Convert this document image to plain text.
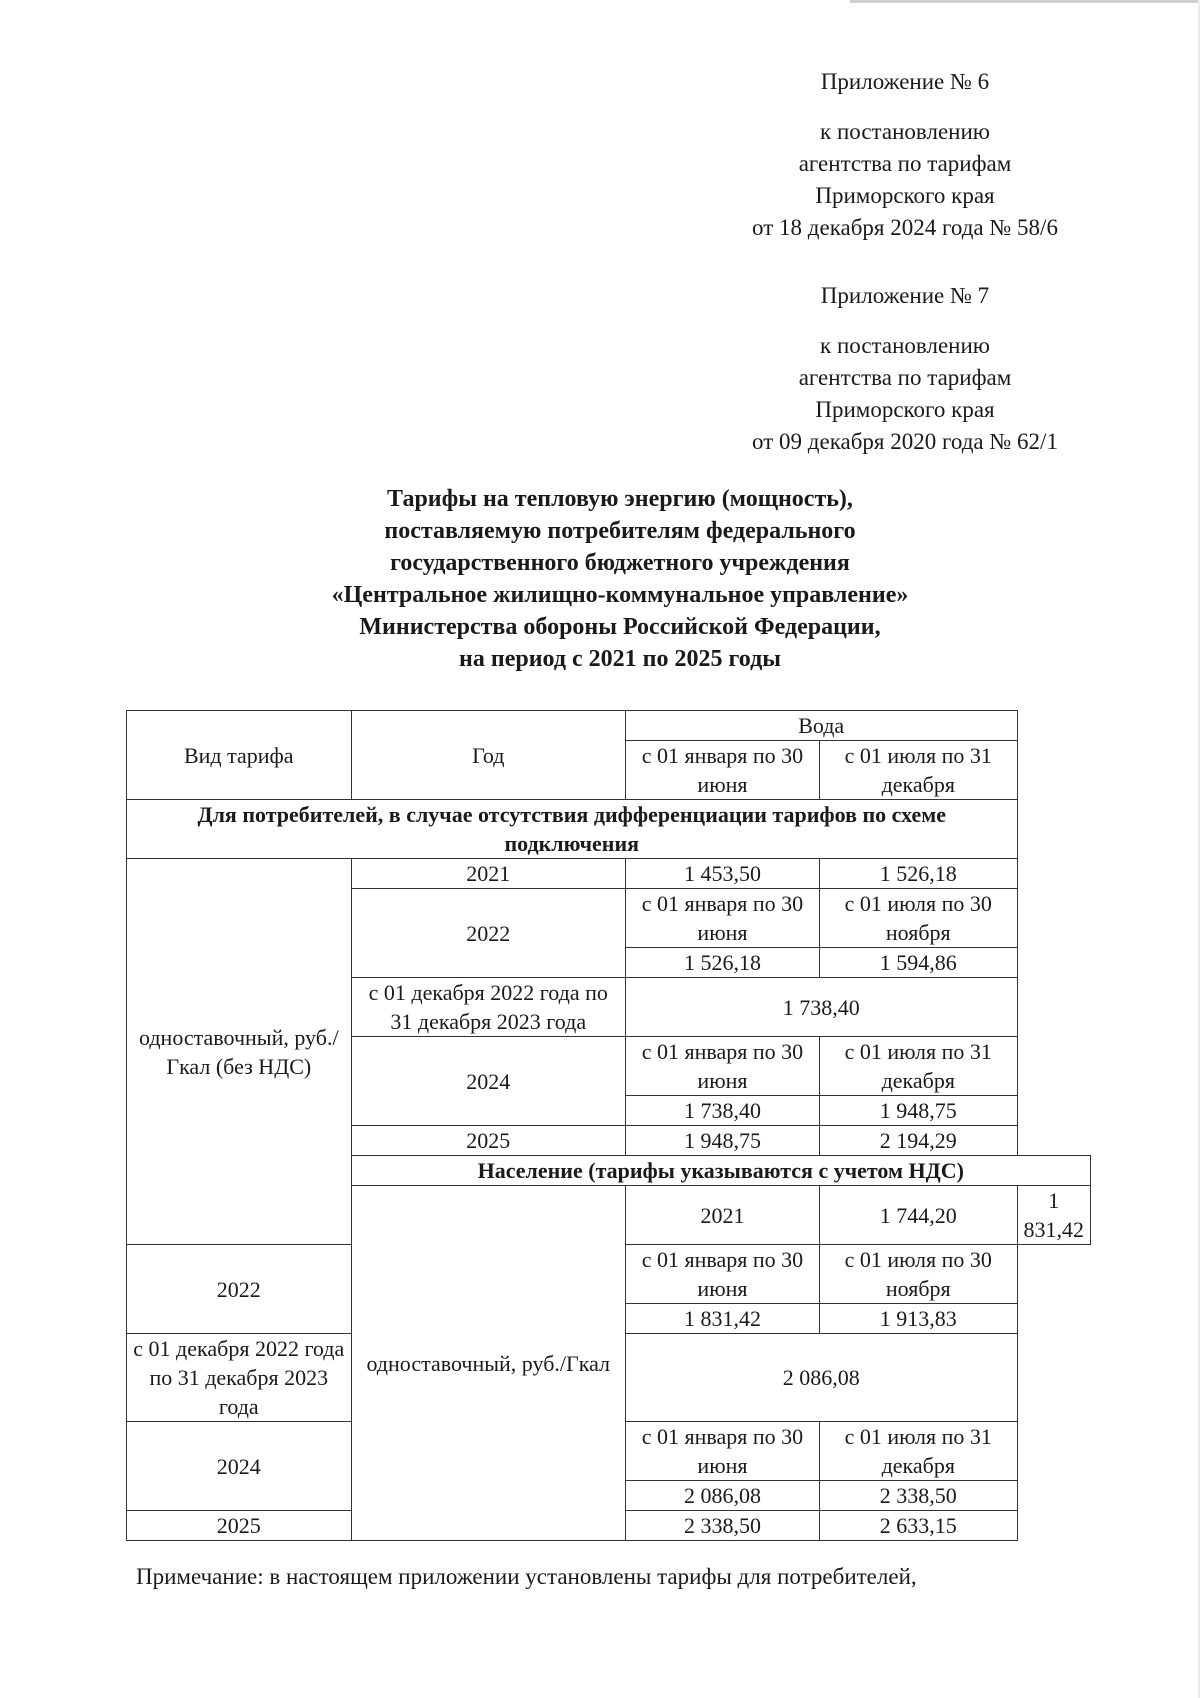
Приложение № 6
к постановлению
агентства по тарифам
Приморского края
от 18 декабря 2024 года № 58/6
Приложение № 7
к постановлению
агентства по тарифам
Приморского края
от 09 декабря 2020 года № 62/1
Тарифы на тепловую энергию (мощность),
поставляемую потребителям федерального
государственного бюджетного учреждения
«Центральное жилищно-коммунальное управление»
Министерства обороны Российской Федерации,
на период с 2021 по 2025 годы
Вид тарифа	Год	Вода		
		с 01 января по 30 июня	с 01 июля по 31 декабря	
Для потребителей, в случае отсутствия дифференциации тарифов по схеме подключения				
одноставочный, руб./Гкал (без НДС)	2021	1 453,50	1 526,18	
	2022	с 01 января по 30 июня	с 01 июля по 30 ноября	
		1 526,18	1 594,86	
	с 01 декабря 2022 года по 31 декабря 2023 года	1 738,40		
	2024	с 01 января по 30 июня	с 01 июля по 31 декабря	
		1 738,40	1 948,75	
	2025	1 948,75	2 194,29	
	Население (тарифы указываются с учетом НДС)			
	одноставочный, руб./Гкал	2021	1 744,20	1 831,42
2022		с 01 января по 30 июня	с 01 июля по 30 ноября	
		1 831,42	1 913,83	
с 01 декабря 2022 года по 31 декабря 2023 года		2 086,08		
2024		с 01 января по 30 июня	с 01 июля по 31 декабря	
		2 086,08	2 338,50	
2025		2 338,50	2 633,15	
Примечание: в настоящем приложении установлены тарифы для потребителей,
